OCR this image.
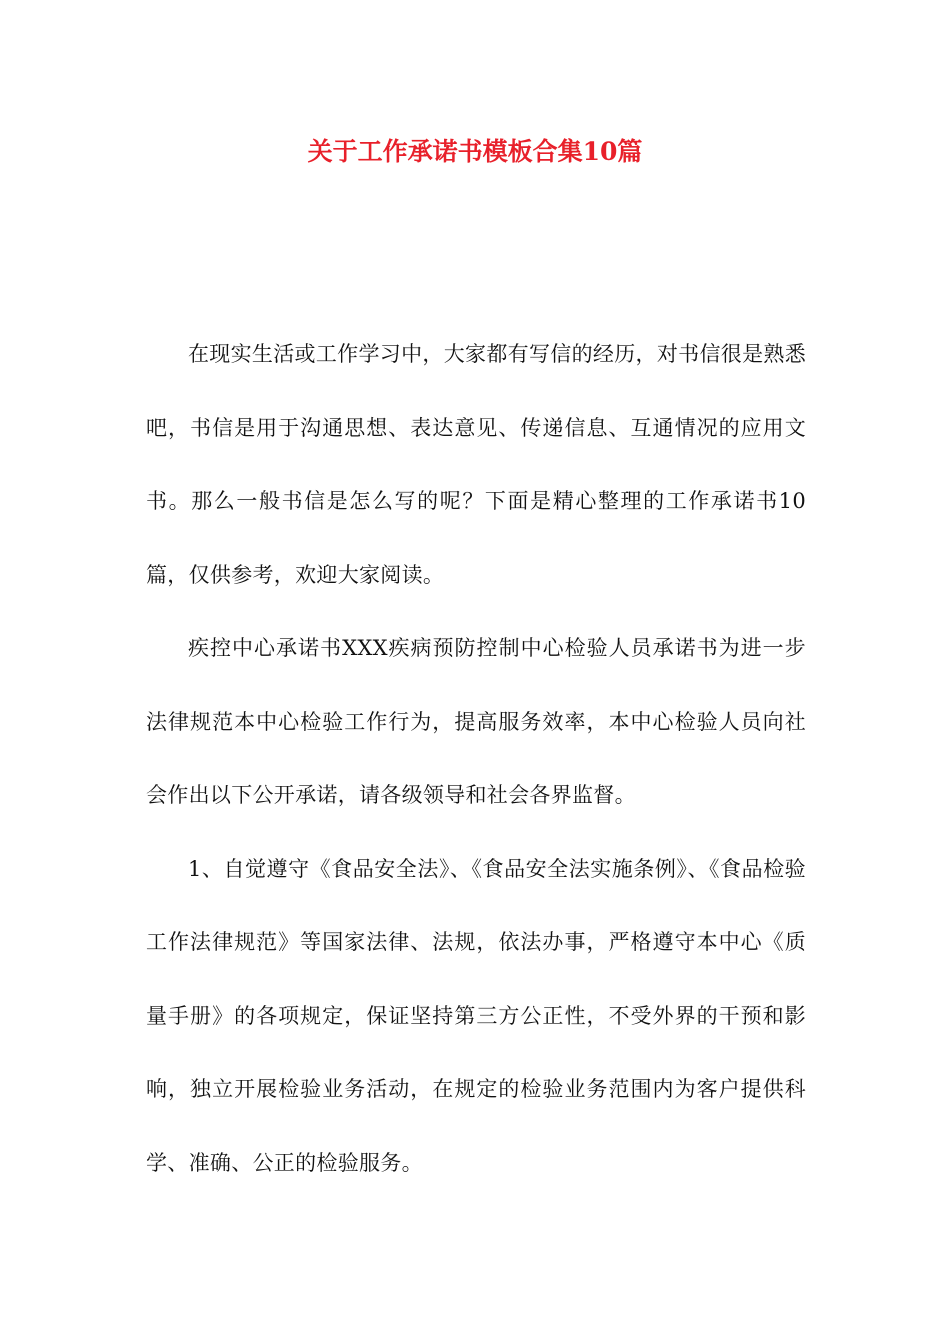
关于工作承诺书模板合集10篇

在现实生活或工作学习中，大家都有写信的经历，对书信很是熟悉吧，书信是用于沟通思想、表达意见、传递信息、互通情况的应用文书。那么一般书信是怎么写的呢？下面是精心整理的工作承诺书10篇，仅供参考，欢迎大家阅读。

疾控中心承诺书XXX疾病预防控制中心检验人员承诺书为进一步法律规范本中心检验工作行为，提高服务效率，本中心检验人员向社会作出以下公开承诺，请各级领导和社会各界监督。

1、自觉遵守《食品安全法》、《食品安全法实施条例》、《食品检验工作法律规范》等国家法律、法规，依法办事，严格遵守本中心《质量手册》的各项规定，保证坚持第三方公正性，不受外界的干预和影响，独立开展检验业务活动，在规定的检验业务范围内为客户提供科学、准确、公正的检验服务。
